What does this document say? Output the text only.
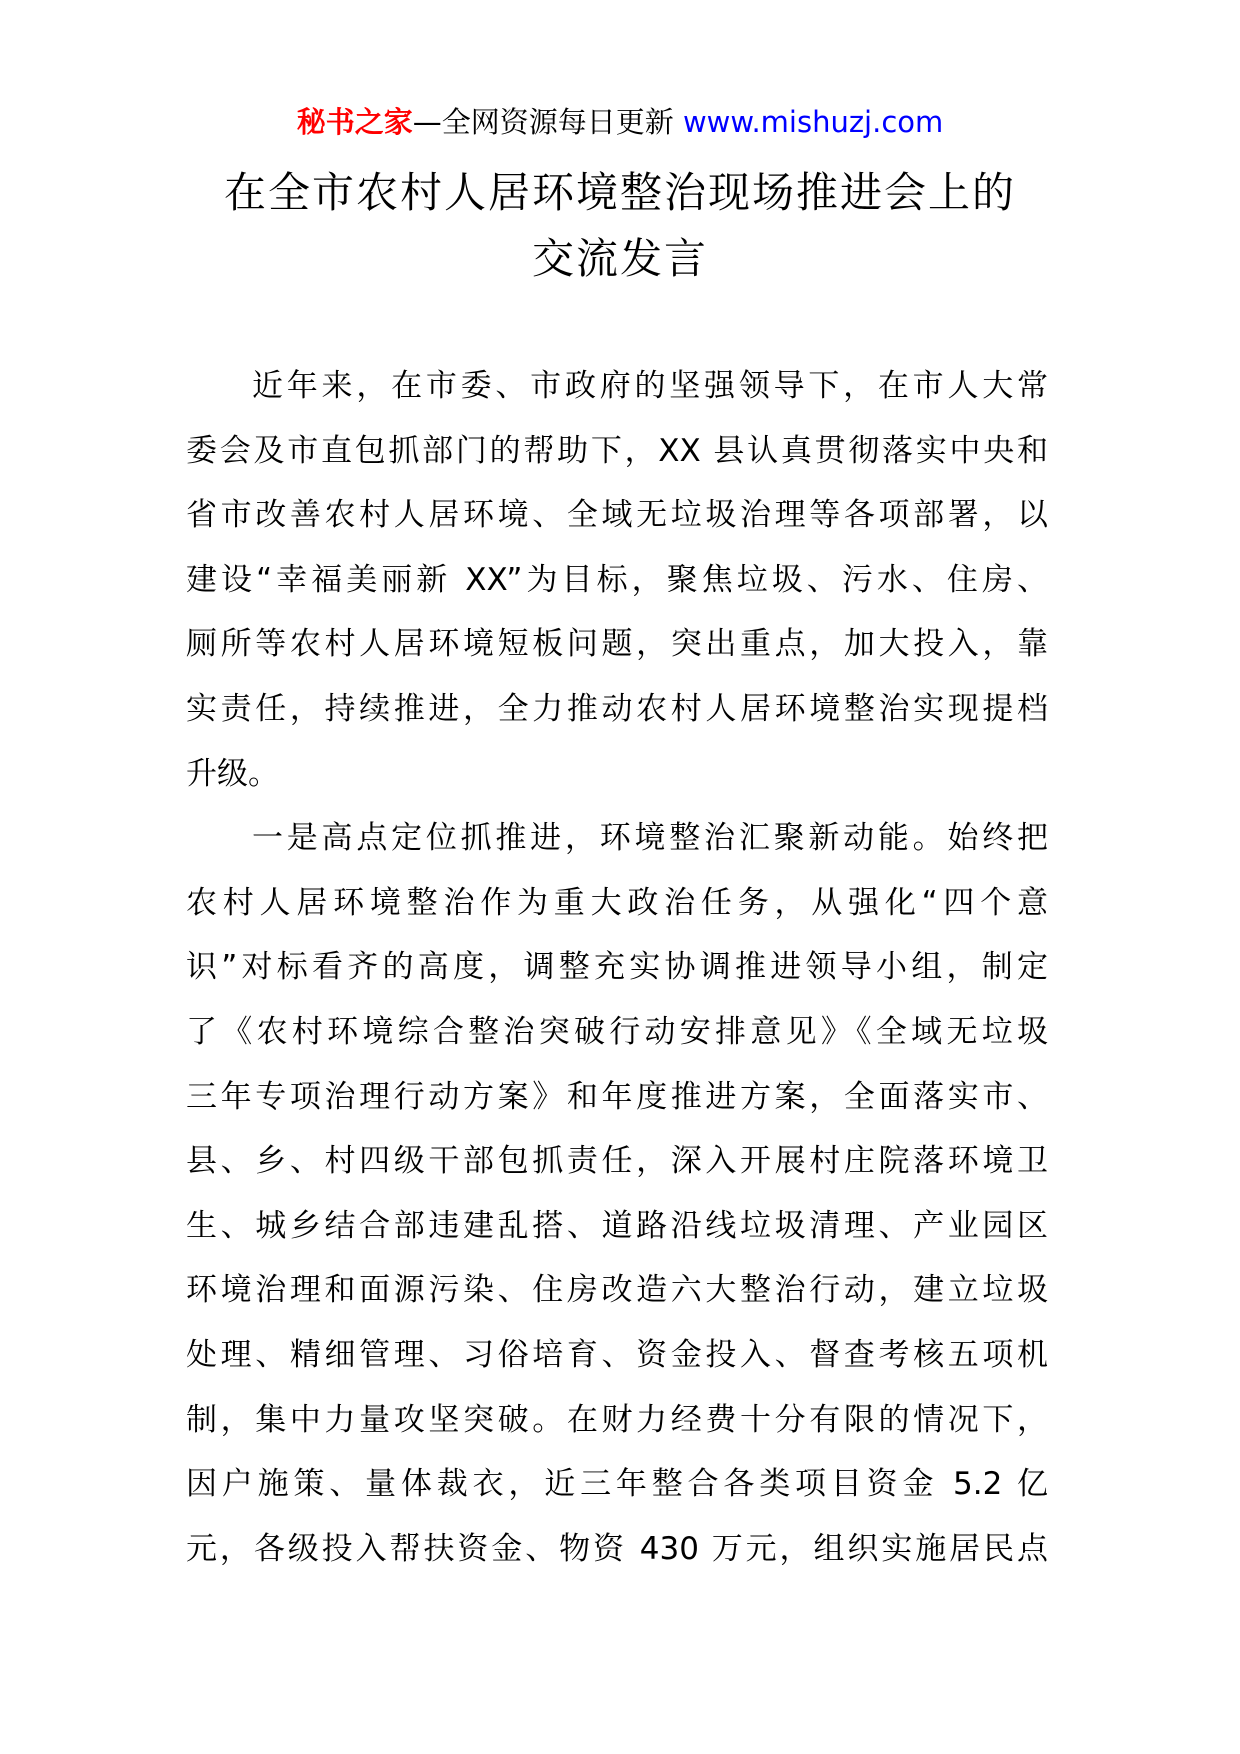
秘书之家—全网资源每日更新 www.mishuzj.com
在全市农村人居环境整治现场推进会上的
交流发言
近年来，在市委、市政府的坚强领导下，在市人大常
委会及市直包抓部门的帮助下，XX 县认真贯彻落实中央和
省市改善农村人居环境、全域无垃圾治理等各项部署，以
建设“幸福美丽新 XX”为目标，聚焦垃圾、污水、住房、
厕所等农村人居环境短板问题，突出重点，加大投入，靠
实责任，持续推进，全力推动农村人居环境整治实现提档
升级。
一是高点定位抓推进，环境整治汇聚新动能。始终把
农村人居环境整治作为重大政治任务，从强化“四个意
识”对标看齐的高度，调整充实协调推进领导小组，制定
了《农村环境综合整治突破行动安排意见》《全域无垃圾
三年专项治理行动方案》和年度推进方案，全面落实市、
县、乡、村四级干部包抓责任，深入开展村庄院落环境卫
生、城乡结合部违建乱搭、道路沿线垃圾清理、产业园区
环境治理和面源污染、住房改造六大整治行动，建立垃圾
处理、精细管理、习俗培育、资金投入、督查考核五项机
制，集中力量攻坚突破。在财力经费十分有限的情况下，
因户施策、量体裁衣，近三年整合各类项目资金 5.2 亿
元，各级投入帮扶资金、物资 430 万元，组织实施居民点
